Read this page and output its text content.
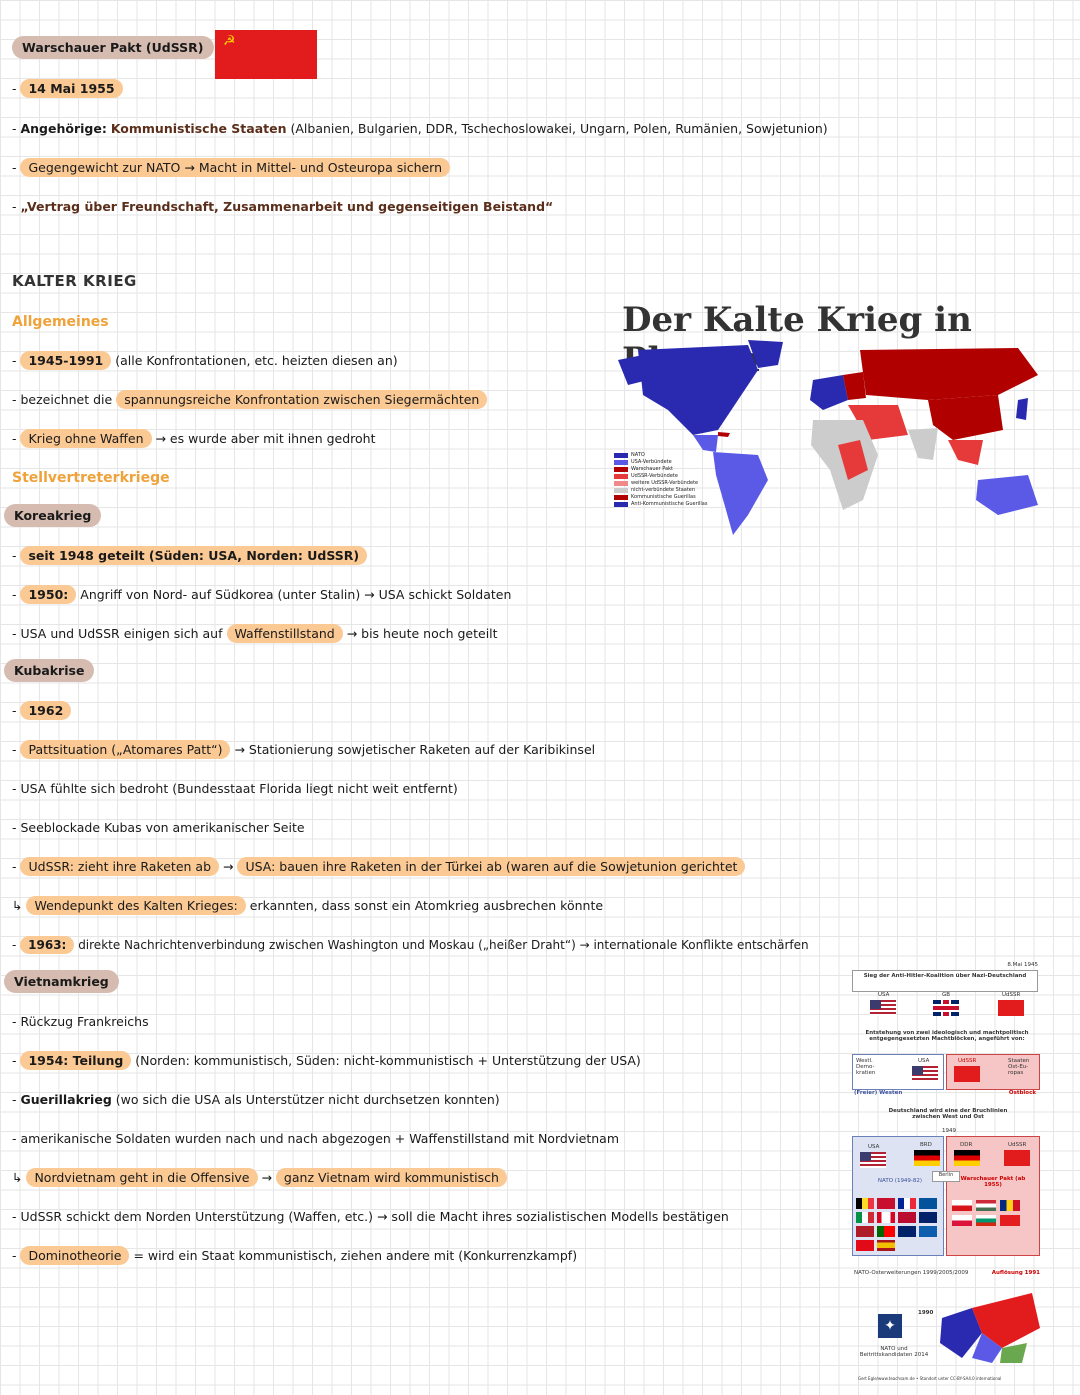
Warschauer Pakt (UdSSR)	☭
- 14 Mai 1955
- Angehörige: Kommunistische Staaten (Albanien, Bulgarien, DDR, Tschechoslowakei, Ungarn, Polen, Rumänien, Sowjetunion)
- Gegengewicht zur NATO → Macht in Mittel- und Osteuropa sichern
- „Vertrag über Freundschaft, Zusammenarbeit und gegenseitigen Beistand“
KALTER KRIEG
Allgemeines
- 1945-1991 (alle Konfrontationen, etc. heizten diesen an)
- bezeichnet die spannungsreiche Konfrontation zwischen Siegermächten
- Krieg ohne Waffen → es wurde aber mit ihnen gedroht
Stellvertreterkriege
Koreakrieg
- seit 1948 geteilt (Süden: USA, Norden: UdSSR)
- 1950: Angriff von Nord- auf Südkorea (unter Stalin) → USA schickt Soldaten
- USA und UdSSR einigen sich auf Waffenstillstand → bis heute noch geteilt
Kubakrise
- 1962
- Pattsituation („Atomares Patt“) → Stationierung sowjetischer Raketen auf der Karibikinsel
- USA fühlte sich bedroht (Bundesstaat Florida liegt nicht weit entfernt)
- Seeblockade Kubas von amerikanischer Seite
- UdSSR: zieht ihre Raketen ab → USA: bauen ihre Raketen in der Türkei ab (waren auf die Sowjetunion gerichtet
↳ Wendepunkt des Kalten Krieges: erkannten, dass sonst ein Atomkrieg ausbrechen könnte
- 1963: direkte Nachrichtenverbindung zwischen Washington und Moskau („heißer Draht“) → internationale Konflikte entschärfen
Vietnamkrieg
- Rückzug Frankreichs
- 1954: Teilung (Norden: kommunistisch, Süden: nicht-kommunistisch + Unterstützung der USA)
- Guerillakrieg (wo sich die USA als Unterstützer nicht durchsetzen konnten)
- amerikanische Soldaten wurden nach und nach abgezogen + Waffenstillstand mit Nordvietnam
↳ Nordvietnam geht in die Offensive → ganz Vietnam wird kommunistisch
- UdSSR schickt dem Norden Unterstützung (Waffen, etc.) → soll die Macht ihres sozialistischen Modells bestätigen
- Dominotheorie = wird ein Staat kommunistisch, ziehen andere mit (Konkurrenzkampf)
Der Kalte Krieg in
NATO
USA-Verbündete
Warschauer Pakt
UdSSR-Verbündete
weitere UdSSR-Verbündete
nicht-verbündete Staaten
Kommunistische Guerillas
Anti-Kommunistische Guerillas
8.Mai 1945
Sieg der Anti-Hitler-Koalition über Nazi-Deutschland
USA	GB	UdSSR
Entstehung von zwei ideologisch und machtpolitisch entgegengesetzten Machtblöcken, angeführt von:
Westl. Demo-kratien
USA	UdSSR	Staaten Ost-Eu-ropas
(Freier) Westen	Ostblock
Deutschland wird eine der Bruchlinien zwischen West und Ost
1949
USA	BRD	DDR	UdSSR
Berlin
NATO (1949-82)	Warschauer Pakt (ab 1955)
NATO-Osterweiterungen 1999/2005/2009	Auflösung 1991
1990
✦
NATO und Beitrittskandidaten 2014
Gert Egle/www.teachsam.de • Standort unter CC-BY-SA4.0 international
